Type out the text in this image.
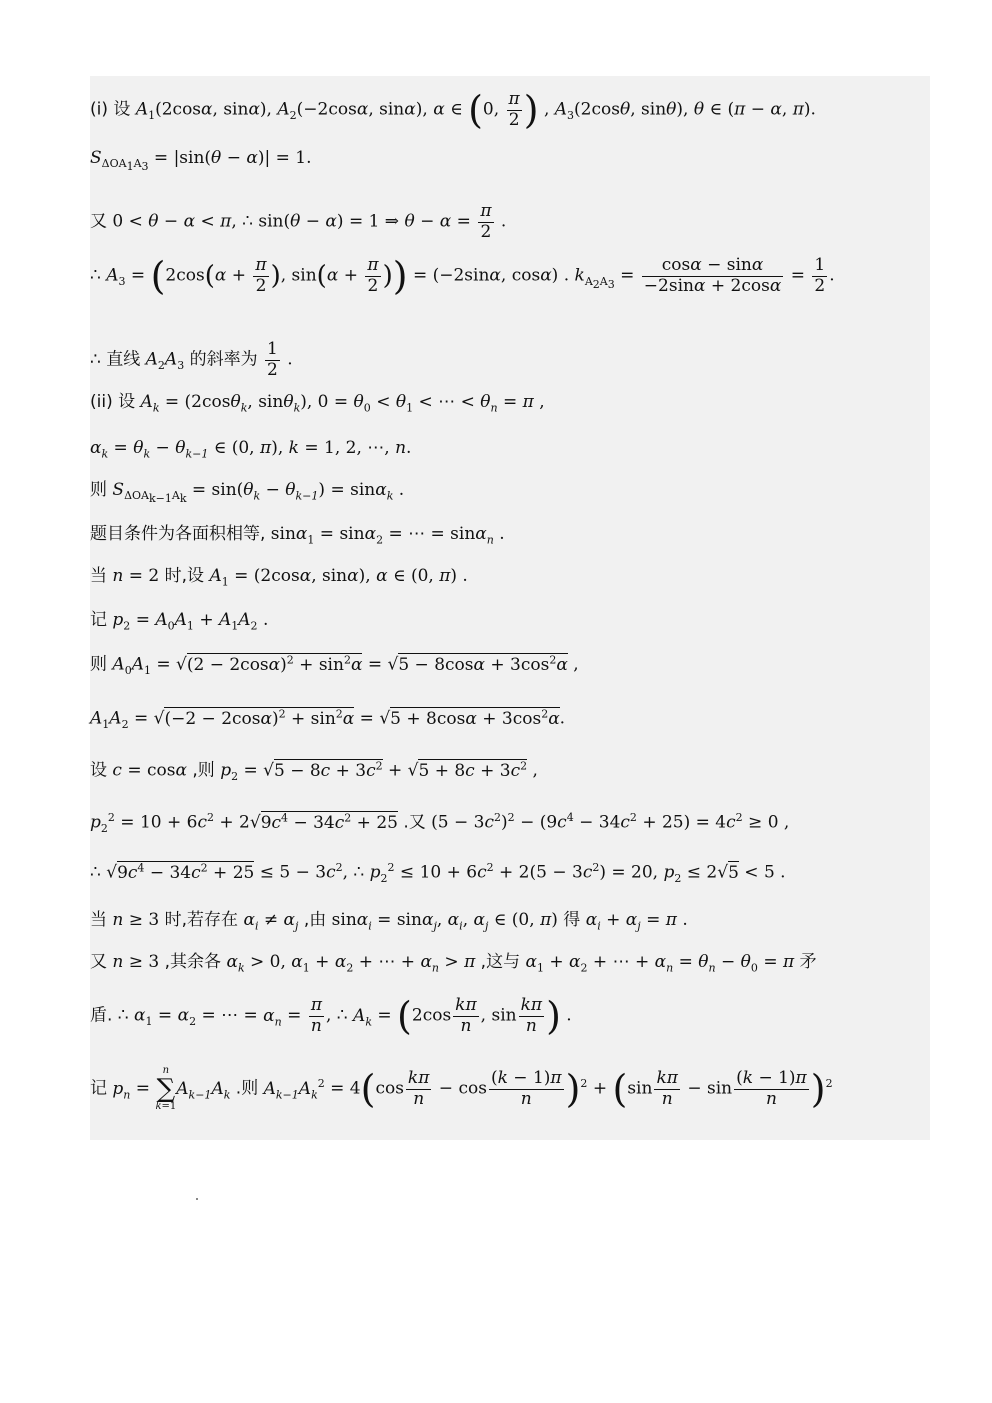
(i) 设 $A_1(2\cos\alpha$, sinα), $A_2(-2\cos\alpha$, sinα), α ∈ (0, $\frac{\pi}{2}$ ) , $A_3(2\cos\theta$, sinθ), θ ∈ (π − α, π).
$S_{\Delta OA_1A_3} = |\sin(\theta - \alpha)| = 1$.
又 0 < θ − α < π, ∴ sin(θ − α) = 1 ⇒ $\theta - \alpha = \frac{\pi}{2}$ .
∴ $A_3 = (2\cos(\alpha + \frac{\pi}{2}$ ), $\sin(\alpha + \frac{\pi}{2}$ )) = (−2sinα, cosα) . $k_{A_2A_3} = \frac{\cos\alpha - \sin\alpha}{-2\sin\alpha + 2\cos\alpha} = \frac{1}{2}$ .
∴ 直线 $A_2A_3$ 的斜率为 $\frac{1}{2}$ .
(ii) 设 $A_k = (2\cos\theta_k$, sinθ$_k$), $0 = \theta_0 < \theta_1$ < ⋯ < $\theta_n = \pi$ ,
$\alpha_k = \theta_k - \theta_{k-1}$ ∈ (0, π), k = 1, 2, ⋯, n.
则 $S_{\Delta OA_{k-1}A_k} = \sin(\theta_k - \theta_{k-1}) = \sin\alpha_k$ .
题目条件为各面积相等, sinα$_1$ = sinα$_2$ = ⋯ = sinα$_n$ .
当 n = 2 时,设 $A_1 = (2\cos\alpha$, sinα), α ∈ (0, π) .
记 $p_2 = A_0A_1 + A_1A_2$ .
则 $A_0A_1 = √(2 - 2\cos\alpha)^2 + \sin^2\alpha = √5 - 8\cos\alpha + 3\cos^2\alpha$ ,
$A_1A_2 = √(-2 - 2\cos\alpha)^2 + \sin^2\alpha = √5 + 8\cos\alpha + 3\cos^2\alpha$.
设 c = cosα ,则 $p_2 = √5 - 8c + 3c^2 + √5 + 8c + 3c^2$ ,
$p_2^2 = 10 + 6c^2 + 2√9c^4 - 34c^2 + 25$ .又 $(5 - 3c^2)^2 - (9c^4 - 34c^2 + 25) = 4c^2 \ge 0$ ,
∴ $√9c^4 - 34c^2 + 25 \le 5 - 3c^2$, ∴ $p_2^2 \le 10 + 6c^2 + 2(5 - 3c^2) = 20$, $p_2 \le 2√5 < 5$ .
当 n ≥ 3 时,若存在 $\alpha_i \ne \alpha_j$ ,由 sinα$_i$ = sinα$_j$, $\alpha_i$, $\alpha_j$ ∈ (0, π) 得 $\alpha_i + \alpha_j = \pi$ .
又 n ≥ 3 ,其余各 $\alpha_k > 0$, $\alpha_1 + \alpha_2$ + ⋯ + $\alpha_n > \pi$ ,这与 $\alpha_1 + \alpha_2$ + ⋯ + $\alpha_n = \theta_n - \theta_0 = \pi$ 矛
盾. ∴ $\alpha_1 = \alpha_2$ = ⋯ = $\alpha_n = \frac{\pi}{n}$ , ∴ $A_k = (2\cos \frac{k\pi}{n}$ , $\sin \frac{k\pi}{n}$ ) .
记 $p_n$ =
n
∑
k=1
$A_{k-1}A_k$ .则 $A_{k-1}A_k^2 = 4(\cos \frac{k\pi}{n} - \cos \frac{(k - 1)\pi}{n} )^2 + (\sin \frac{k\pi}{n} - \sin \frac{(k - 1)\pi}{n} )^2$
